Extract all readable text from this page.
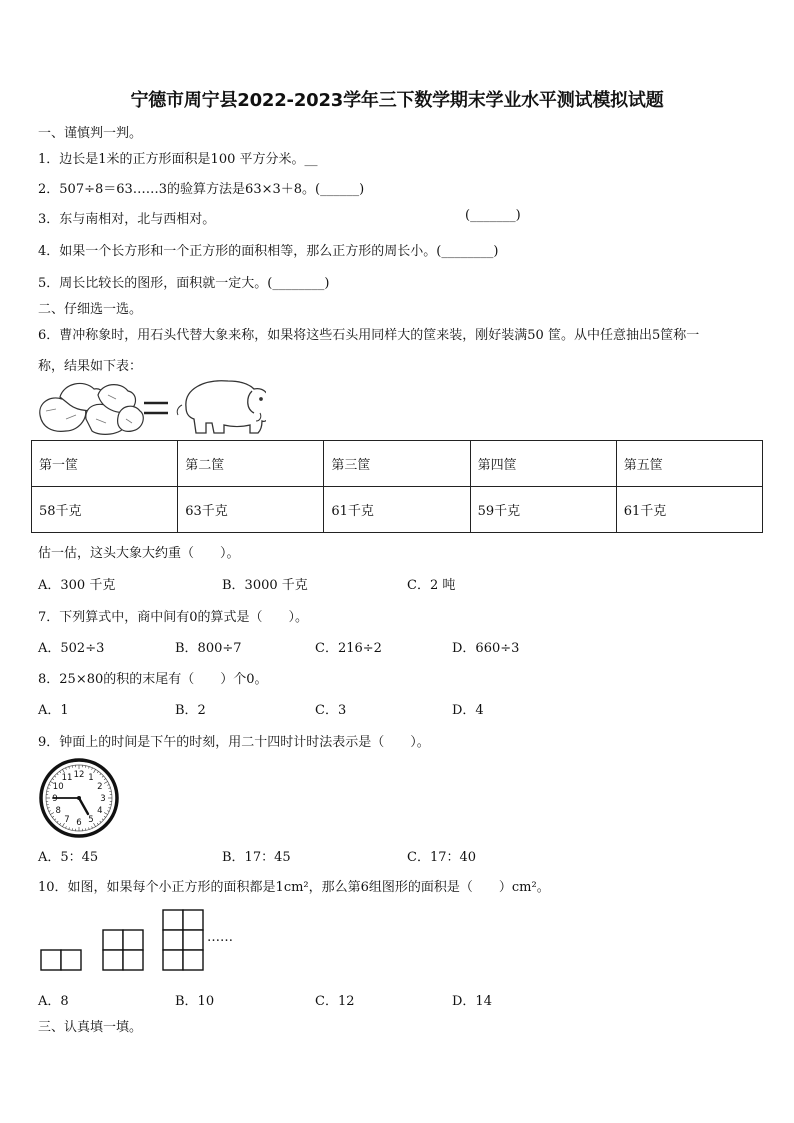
宁德市周宁县2022-2023学年三下数学期末学业水平测试模拟试题
一、谨慎判一判。
1．边长是1米的正方形面积是100 平方分米。__
2．507÷8＝63……3的验算方法是63×3＋8。(______)
3．东与南相对，北与西相对。	(_______)
4．如果一个长方形和一个正方形的面积相等，那么正方形的周长小。(________)
5．周长比较长的图形，面积就一定大。(________)
二、仔细选一选。
6．曹冲称象时，用石头代替大象来称，如果将这些石头用同样大的筐来装，刚好装满50 筐。从中任意抽出5筐称一
称，结果如下表：
第一筐	第二筐	第三筐	第四筐	第五筐
58千克	63千克	61千克	59千克	61千克
估一估，这头大象大约重（　　）。
A．300 千克	B．3000 千克	C．2 吨
7．下列算式中，商中间有0的算式是（　　）。
A．502÷3	B．800÷7	C．216÷2	D．660÷3
8．25×80的积的末尾有（　　）个0。
A．1	B．2	C．3	D．4
9．钟面上的时间是下午的时刻，用二十四时计时法表示是（　　）。
12 1
2
3
4
5
6
7
8
9
10
11
A．5：45	B．17：45	C．17：40
10．如图，如果每个小正方形的面积都是1cm²，那么第6组图形的面积是（　　）cm²。
……
A．8	B．10	C．12	D．14
三、认真填一填。
